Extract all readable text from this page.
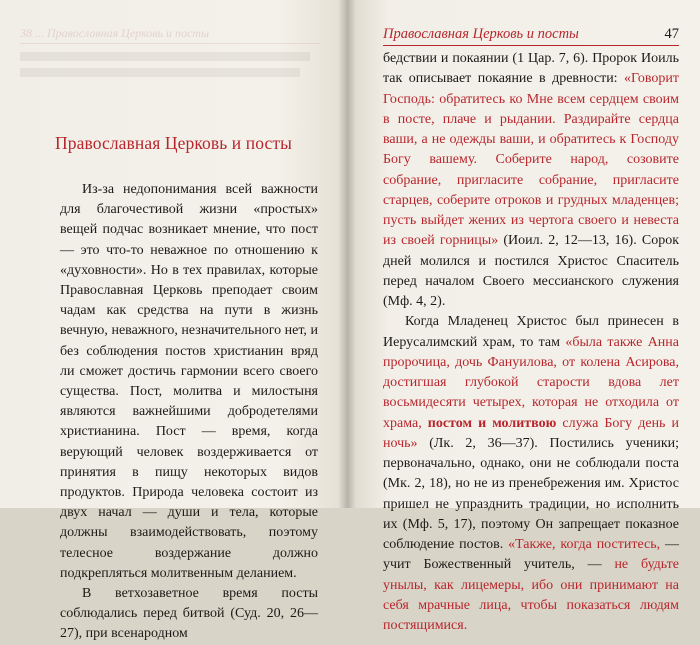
38 ... Православная Церковь и посты
Православная Церковь и посты

Из-за недопонимания всей важности для благочестивой жизни «простых» вещей подчас возникает мнение, что пост — это что-то неважное по отношению к «духовности». Но в тех правилах, которые Православная Церковь преподает своим чадам как средства на пути в жизнь вечную, неважного, незначительного нет, и без соблюдения постов христианин вряд ли сможет достичь гармонии всего своего существа. Пост, молитва и милостыня являются важнейшими добродетелями христианина. Пост — время, когда верующий человек воздерживается от принятия в пищу некоторых видов продуктов. Природа человека состоит из двух начал — души и тела, которые должны взаимодействовать, поэтому телесное воздержание должно подкрепляться молитвенным деланием.

В ветхозаветное время посты соблюдались перед битвой (Суд. 20, 26—27), при всенародном

Православная Церковь и посты	47

бедствии и покаянии (1 Цар. 7, 6). Пророк Иоиль так описывает покаяние в древности: «Говорит Господь: обратитесь ко Мне всем сердцем своим в посте, плаче и рыдании. Раздирайте сердца ваши, а не одежды ваши, и обратитесь к Господу Богу вашему. Соберите народ, созовите собрание, пригласите собрание, пригласите старцев, соберите отроков и грудных младенцев; пусть выйдет жених из чертога своего и невеста из своей горницы» (Иоил. 2, 12—13, 16). Сорок дней молился и постился Христос Спаситель перед началом Своего мессианского служения (Мф. 4, 2).

Когда Младенец Христос был принесен в Иерусалимский храм, то там «была также Анна пророчица, дочь Фануилова, от колена Асирова, достигшая глубокой старости вдова лет восьмидесяти четырех, которая не отходила от храма, постом и молитвою служа Богу день и ночь» (Лк. 2, 36—37). Постились ученики; первоначально, однако, они не соблюдали поста (Мк. 2, 18), но не из пренебрежения им. Христос пришел не упразднить традиции, но исполнить их (Мф. 5, 17), поэтому Он запрещает показное соблюдение постов. «Также, когда поститесь, — учит Божественный учитель, — не будьте унылы, как лицемеры, ибо они принимают на себя мрачные лица, чтобы показаться людям постящимися.
